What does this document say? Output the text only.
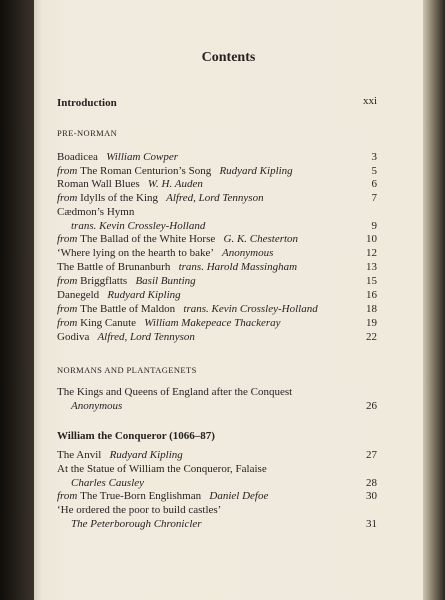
Contents
Introduction	xxi
PRE-NORMAN
Boadicea  William Cowper	3
from The Roman Centurion’s Song  Rudyard Kipling	5
Roman Wall Blues  W. H. Auden	6
from Idylls of the King  Alfred, Lord Tennyson	7
Cædmon’s Hymn
trans. Kevin Crossley-Holland	9
from The Ballad of the White Horse  G. K. Chesterton	10
‘Where lying on the hearth to bake’  Anonymous	12
The Battle of Brunanburh  trans. Harold Massingham	13
from Briggflatts  Basil Bunting	15
Danegeld  Rudyard Kipling	16
from The Battle of Maldon  trans. Kevin Crossley-Holland	18
from King Canute  William Makepeace Thackeray	19
Godiva  Alfred, Lord Tennyson	22
The Kings and Queens of England after the Conquest
Anonymous	26
The Anvil  Rudyard Kipling	27
At the Statue of William the Conqueror, Falaise
Charles Causley	28
from The True-Born Englishman  Daniel Defoe	30
‘He ordered the poor to build castles’
The Peterborough Chronicler	31
NORMANS AND PLANTAGENETS
William the Conqueror (1066–87)
